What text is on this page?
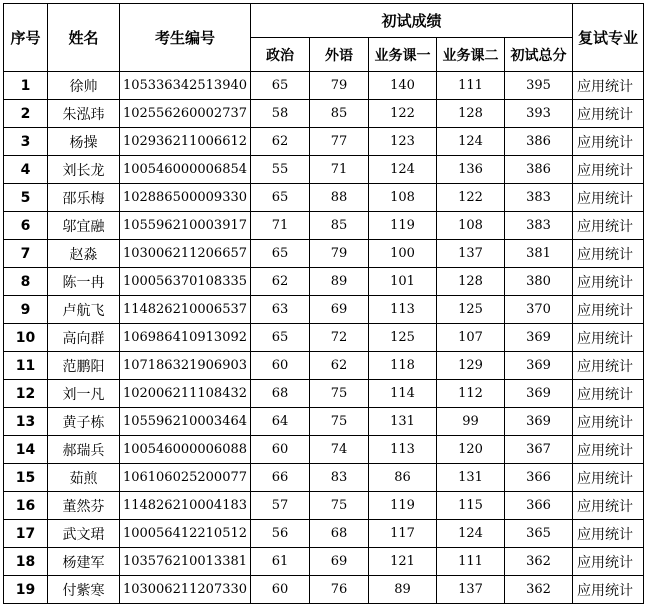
序号	姓名	考生编号	初试成绩					复试专业
			政治	外语	业务课一	业务课二	初试总分	
1	徐帅	105336342513940	65	79	140	111	395	应用统计
2	朱泓玮	102556260002737	58	85	122	128	393	应用统计
3	杨操	102936211006612	62	77	123	124	386	应用统计
4	刘长龙	100546000006854	55	71	124	136	386	应用统计
5	邵乐梅	102886500009330	65	88	108	122	383	应用统计
6	邬宜融	105596210003917	71	85	119	108	383	应用统计
7	赵淼	103006211206657	65	79	100	137	381	应用统计
8	陈一冉	100056370108335	62	89	101	128	380	应用统计
9	卢航飞	114826210006537	63	69	113	125	370	应用统计
10	高向群	106986410913092	65	72	125	107	369	应用统计
11	范鹏阳	107186321906903	60	62	118	129	369	应用统计
12	刘一凡	102006211108432	68	75	114	112	369	应用统计
13	黄子栋	105596210003464	64	75	131	99	369	应用统计
14	郝瑞兵	100546000006088	60	74	113	120	367	应用统计
15	茹煎	106106025200077	66	83	86	131	366	应用统计
16	董然芬	114826210004183	57	75	119	115	366	应用统计
17	武文珺	100056412210512	56	68	117	124	365	应用统计
18	杨建军	103576210013381	61	69	121	111	362	应用统计
19	付紫寒	103006211207330	60	76	89	137	362	应用统计
